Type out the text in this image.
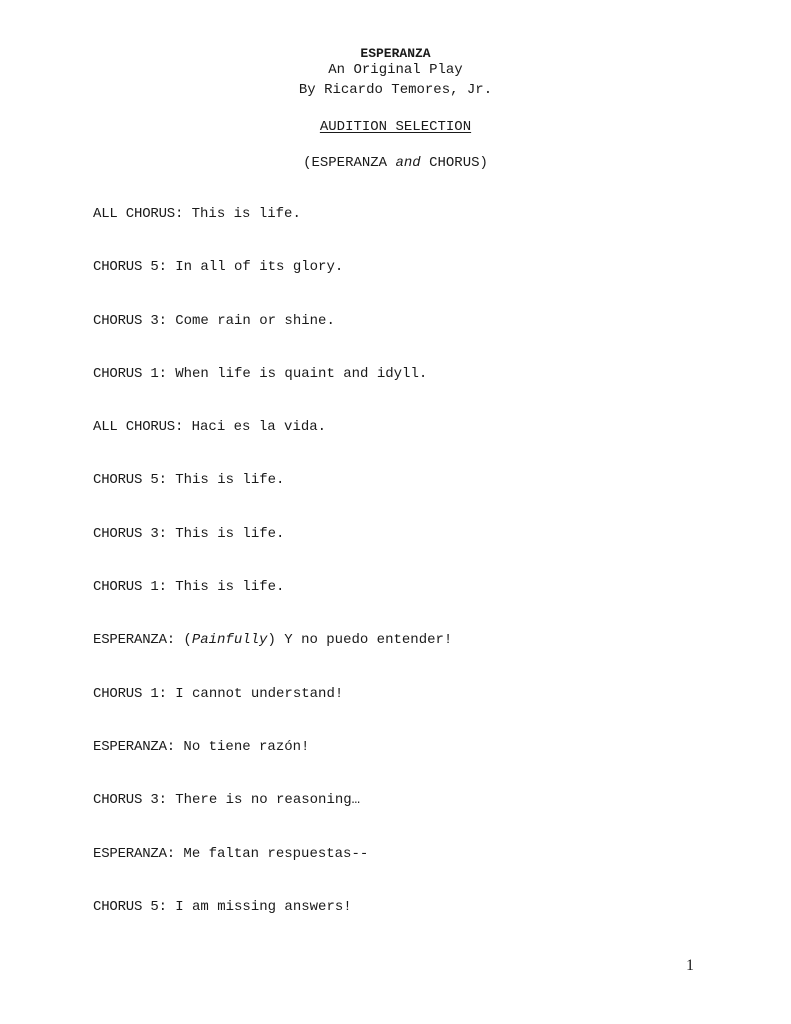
ESPERANZA
An Original Play
By Ricardo Temores, Jr.
AUDITION SELECTION
(ESPERANZA and CHORUS)
ALL CHORUS: This is life.
CHORUS 5: In all of its glory.
CHORUS 3: Come rain or shine.
CHORUS 1: When life is quaint and idyll.
ALL CHORUS: Haci es la vida.
CHORUS 5: This is life.
CHORUS 3: This is life.
CHORUS 1: This is life.
ESPERANZA: (Painfully) Y no puedo entender!
CHORUS 1: I cannot understand!
ESPERANZA: No tiene razón!
CHORUS 3: There is no reasoning…
ESPERANZA: Me faltan respuestas--
CHORUS 5: I am missing answers!
1
